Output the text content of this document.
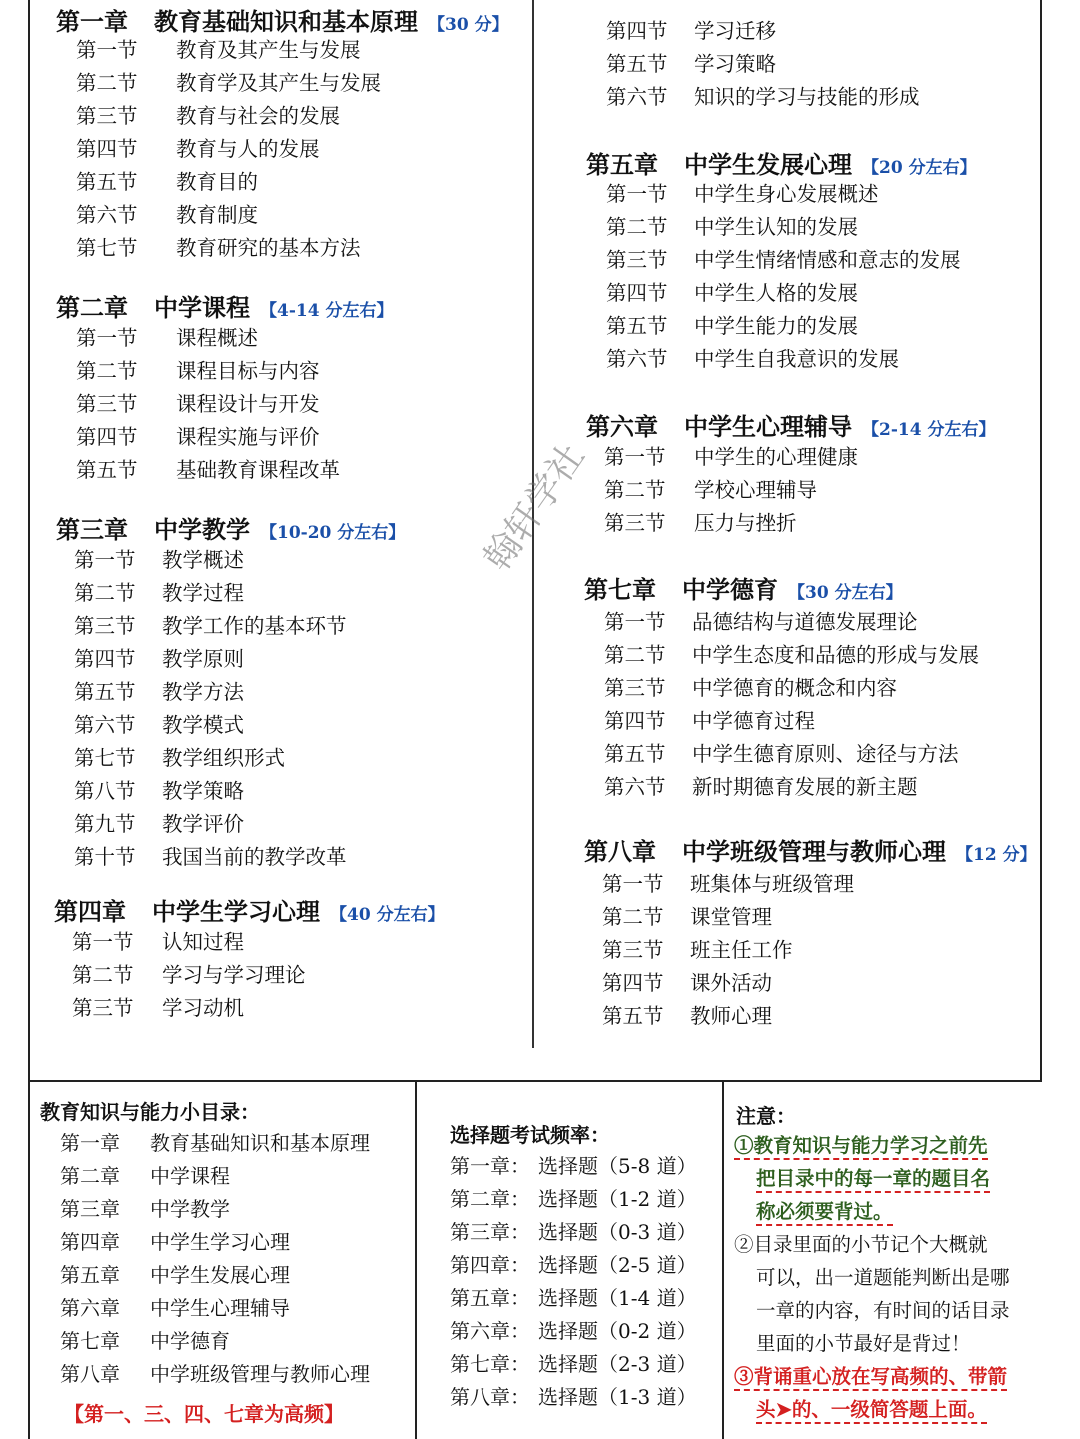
第一章 教育基础知识和基本原理 【30 分】
第一节 教育及其产生与发展
第二节 教育学及其产生与发展
第三节 教育与社会的发展
第四节 教育与人的发展
第五节 教育目的
第六节 教育制度
第七节 教育研究的基本方法
第二章 中学课程 【4-14 分左右】
第一节 课程概述
第二节 课程目标与内容
第三节 课程设计与开发
第四节 课程实施与评价
第五节 基础教育课程改革
第三章 中学教学 【10-20 分左右】
第一节 教学概述
第二节 教学过程
第三节 教学工作的基本环节
第四节 教学原则
第五节 教学方法
第六节 教学模式
第七节 教学组织形式
第八节 教学策略
第九节 教学评价
第十节 我国当前的教学改革
第四章 中学生学习心理 【40 分左右】
第一节 认知过程
第二节 学习与学习理论
第三节 学习动机
第五章 中学生发展心理 【20 分左右】
第一节 中学生身心发展概述
第二节 中学生认知的发展
第三节 中学生情绪情感和意志的发展
第四节 中学生人格的发展
第五节 中学生能力的发展
第六节 中学生自我意识的发展
第六章 中学生心理辅导 【2-14 分左右】
第一节 中学生的心理健康
第二节 学校心理辅导
第三节 压力与挫折
第七章 中学德育 【30 分左右】
第一节 品德结构与道德发展理论
第二节 中学生态度和品德的形成与发展
第三节 中学德育的概念和内容
第四节 中学德育过程
第五节 中学生德育原则、途径与方法
第六节 新时期德育发展的新主题
第八章 中学班级管理与教师心理 【12 分】
第一节 班集体与班级管理
第二节 课堂管理
第三节 班主任工作
第四节 课外活动
第五节 教师心理
第四节 学习迁移
第五节 学习策略
第六节 知识的学习与技能的形成
翰轩学社
教育知识与能力小目录：
第一章 教育基础知识和基本原理
第二章 中学课程
第三章 中学教学
第四章 中学生学习心理
第五章 中学生发展心理
第六章 中学生心理辅导
第七章 中学德育
第八章 中学班级管理与教师心理
【第一、三、四、七章为高频】
选择题考试频率：
第一章： 选择题（5-8 道）
第二章： 选择题（1-2 道）
第三章： 选择题（0-3 道）
第四章： 选择题（2-5 道）
第五章： 选择题（1-4 道）
第六章： 选择题（0-2 道）
第七章： 选择题（2-3 道）
第八章： 选择题（1-3 道）
注意：
①教育知识与能力学习之前先
把目录中的每一章的题目名
称必须要背过。
②目录里面的小节记个大概就
可以，出一道题能判断出是哪
一章的内容，有时间的话目录
里面的小节最好是背过！
③背诵重心放在写高频的、带箭
头➤的、一级简答题上面。
